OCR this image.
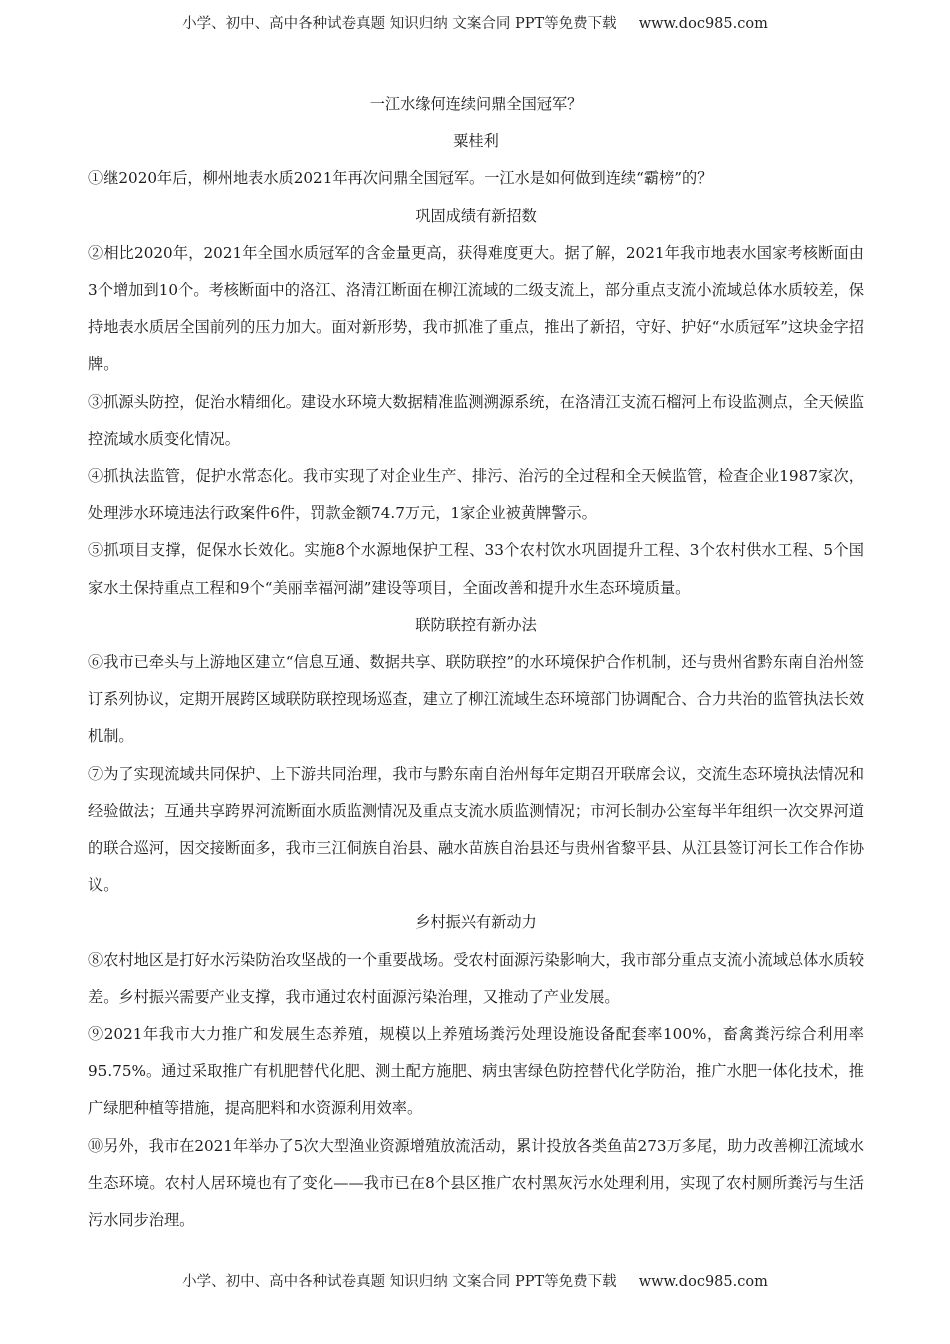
小学、初中、高中各种试卷真题 知识归纳 文案合同 PPT等免费下载 www.doc985.com

一江水缘何连续问鼎全国冠军？

粟桂利

①继2020年后，柳州地表水质2021年再次问鼎全国冠军。一江水是如何做到连续“霸榜”的？

巩固成绩有新招数

②相比2020年，2021年全国水质冠军的含金量更高，获得难度更大。据了解，2021年我市地表水国家考核断面由3个增加到10个。考核断面中的洛江、洛清江断面在柳江流域的二级支流上，部分重点支流小流域总体水质较差，保持地表水质居全国前列的压力加大。面对新形势，我市抓准了重点，推出了新招，守好、护好“水质冠军”这块金字招牌。

③抓源头防控，促治水精细化。建设水环境大数据精准监测溯源系统，在洛清江支流石榴河上布设监测点，全天候监控流域水质变化情况。

④抓执法监管，促护水常态化。我市实现了对企业生产、排污、治污的全过程和全天候监管，检查企业1987家次，处理涉水环境违法行政案件6件，罚款金额74.7万元，1家企业被黄牌警示。

⑤抓项目支撑，促保水长效化。实施8个水源地保护工程、33个农村饮水巩固提升工程、3个农村供水工程、5个国家水土保持重点工程和9个“美丽幸福河湖”建设等项目，全面改善和提升水生态环境质量。

联防联控有新办法

⑥我市已牵头与上游地区建立“信息互通、数据共享、联防联控”的水环境保护合作机制，还与贵州省黔东南自治州签订系列协议，定期开展跨区域联防联控现场巡查，建立了柳江流域生态环境部门协调配合、合力共治的监管执法长效机制。

⑦为了实现流域共同保护、上下游共同治理，我市与黔东南自治州每年定期召开联席会议，交流生态环境执法情况和经验做法；互通共享跨界河流断面水质监测情况及重点支流水质监测情况；市河长制办公室每半年组织一次交界河道的联合巡河，因交接断面多，我市三江侗族自治县、融水苗族自治县还与贵州省黎平县、从江县签订河长工作合作协议。

乡村振兴有新动力

⑧农村地区是打好水污染防治攻坚战的一个重要战场。受农村面源污染影响大，我市部分重点支流小流域总体水质较差。乡村振兴需要产业支撑，我市通过农村面源污染治理，又推动了产业发展。

⑨2021年我市大力推广和发展生态养殖，规模以上养殖场粪污处理设施设备配套率100%，畜禽粪污综合利用率95.75%。通过采取推广有机肥替代化肥、测土配方施肥、病虫害绿色防控替代化学防治，推广水肥一体化技术，推广绿肥种植等措施，提高肥料和水资源利用效率。

⑩另外，我市在2021年举办了5次大型渔业资源增殖放流活动，累计投放各类鱼苗273万多尾，助力改善柳江流域水生态环境。农村人居环境也有了变化——我市已在8个县区推广农村黑灰污水处理利用，实现了农村厕所粪污与生活污水同步治理。

小学、初中、高中各种试卷真题 知识归纳 文案合同 PPT等免费下载 www.doc985.com
